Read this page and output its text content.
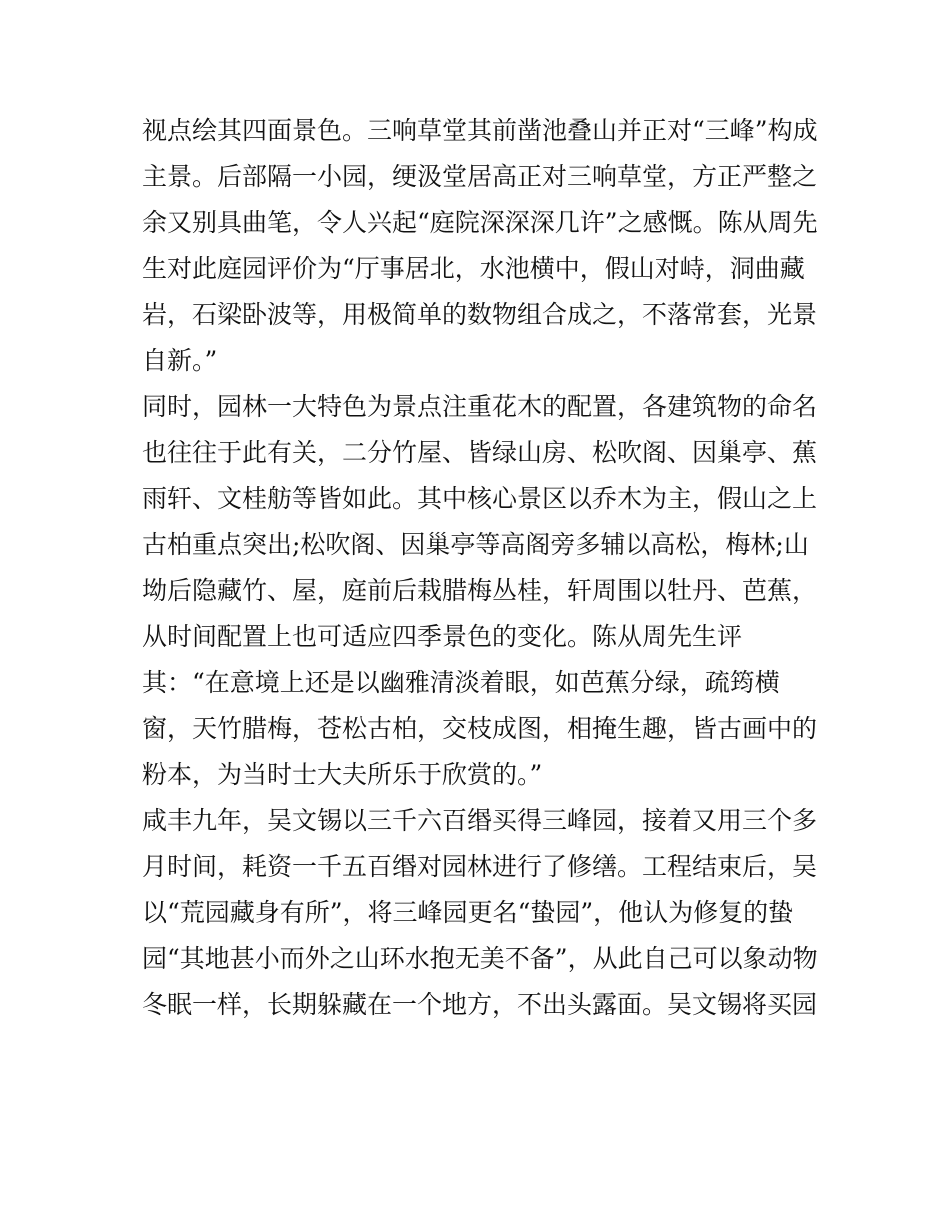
视点绘其四面景色。三响草堂其前凿池叠山并正对“三峰”构成
主景。后部隔一小园，绠汲堂居高正对三响草堂，方正严整之
余又别具曲笔，令人兴起“庭院深深深几许”之感慨。陈从周先
生对此庭园评价为“厅事居北，水池横中，假山对峙，洞曲藏
岩，石梁卧波等，用极简单的数物组合成之，不落常套，光景
自新。”
同时，园林一大特色为景点注重花木的配置，各建筑物的命名
也往往于此有关，二分竹屋、皆绿山房、松吹阁、因巢亭、蕉
雨轩、文桂舫等皆如此。其中核心景区以乔木为主，假山之上
古柏重点突出;松吹阁、因巢亭等高阁旁多辅以高松，梅林;山
坳后隐藏竹、屋，庭前后栽腊梅丛桂，轩周围以牡丹、芭蕉，
从时间配置上也可适应四季景色的变化。陈从周先生评
其：“在意境上还是以幽雅清淡着眼，如芭蕉分绿，疏筠横
窗，天竹腊梅，苍松古柏，交枝成图，相掩生趣，皆古画中的
粉本，为当时士大夫所乐于欣赏的。”
咸丰九年，吴文锡以三千六百缗买得三峰园，接着又用三个多
月时间，耗资一千五百缗对园林进行了修缮。工程结束后，吴
以“荒园藏身有所”，将三峰园更名“蛰园”，他认为修复的蛰
园“其地甚小而外之山环水抱无美不备”，从此自己可以象动物
冬眠一样，长期躲藏在一个地方，不出头露面。吴文锡将买园
